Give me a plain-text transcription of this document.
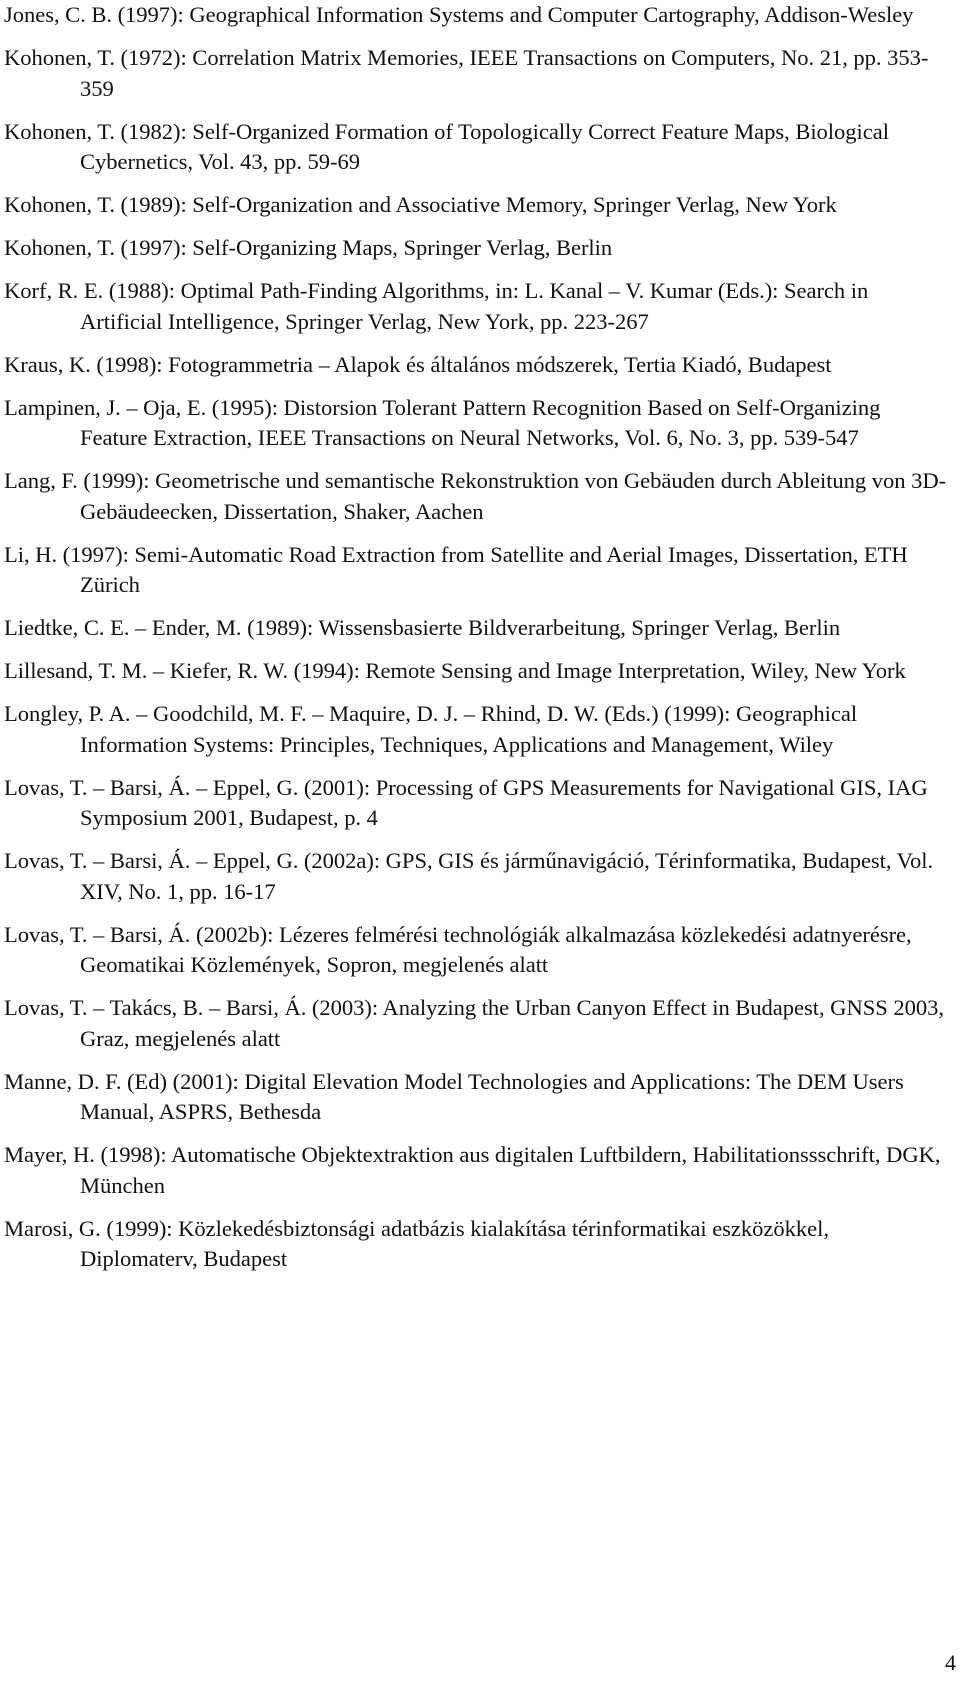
Jones, C. B. (1997): Geographical Information Systems and Computer Cartography, Addison-Wesley
Kohonen, T. (1972): Correlation Matrix Memories, IEEE Transactions on Computers, No. 21, pp. 353-359
Kohonen, T. (1982): Self-Organized Formation of Topologically Correct Feature Maps, Biological Cybernetics, Vol. 43, pp. 59-69
Kohonen, T. (1989): Self-Organization and Associative Memory, Springer Verlag, New York
Kohonen, T. (1997): Self-Organizing Maps, Springer Verlag, Berlin
Korf, R. E. (1988): Optimal Path-Finding Algorithms, in: L. Kanal – V. Kumar (Eds.): Search in Artificial Intelligence, Springer Verlag, New York, pp. 223-267
Kraus, K. (1998): Fotogrammetria – Alapok és általános módszerek, Tertia Kiadó, Budapest
Lampinen, J. – Oja, E. (1995): Distorsion Tolerant Pattern Recognition Based on Self-Organizing Feature Extraction, IEEE Transactions on Neural Networks, Vol. 6, No. 3, pp. 539-547
Lang, F. (1999): Geometrische und semantische Rekonstruktion von Gebäuden durch Ableitung von 3D-Gebäudeecken, Dissertation, Shaker, Aachen
Li, H. (1997): Semi-Automatic Road Extraction from Satellite and Aerial Images, Dissertation, ETH Zürich
Liedtke, C. E. – Ender, M. (1989): Wissensbasierte Bildverarbeitung, Springer Verlag, Berlin
Lillesand, T. M. – Kiefer, R. W. (1994): Remote Sensing and Image Interpretation, Wiley, New York
Longley, P. A. – Goodchild, M. F. – Maquire, D. J. – Rhind, D. W. (Eds.) (1999): Geographical Information Systems: Principles, Techniques, Applications and Management, Wiley
Lovas, T. – Barsi, Á. – Eppel, G. (2001): Processing of GPS Measurements for Navigational GIS, IAG Symposium 2001, Budapest, p. 4
Lovas, T. – Barsi, Á. – Eppel, G. (2002a): GPS, GIS és járműnavigáció, Térinformatika, Budapest, Vol. XIV, No. 1, pp. 16-17
Lovas, T. – Barsi, Á. (2002b): Lézeres felmérési technológiák alkalmazása közlekedési adatnyerésre, Geomatikai Közlemények, Sopron, megjelenés alatt
Lovas, T. – Takács, B. – Barsi, Á. (2003): Analyzing the Urban Canyon Effect in Budapest, GNSS 2003, Graz, megjelenés alatt
Manne, D. F. (Ed) (2001): Digital Elevation Model Technologies and Applications: The DEM Users Manual, ASPRS, Bethesda
Mayer, H. (1998): Automatische Objektextraktion aus digitalen Luftbildern, Habilitationssschrift, DGK, München
Marosi, G. (1999): Közlekedésbiztonsági adatbázis kialakítása térinformatikai eszközökkel, Diplomaterv, Budapest
4
